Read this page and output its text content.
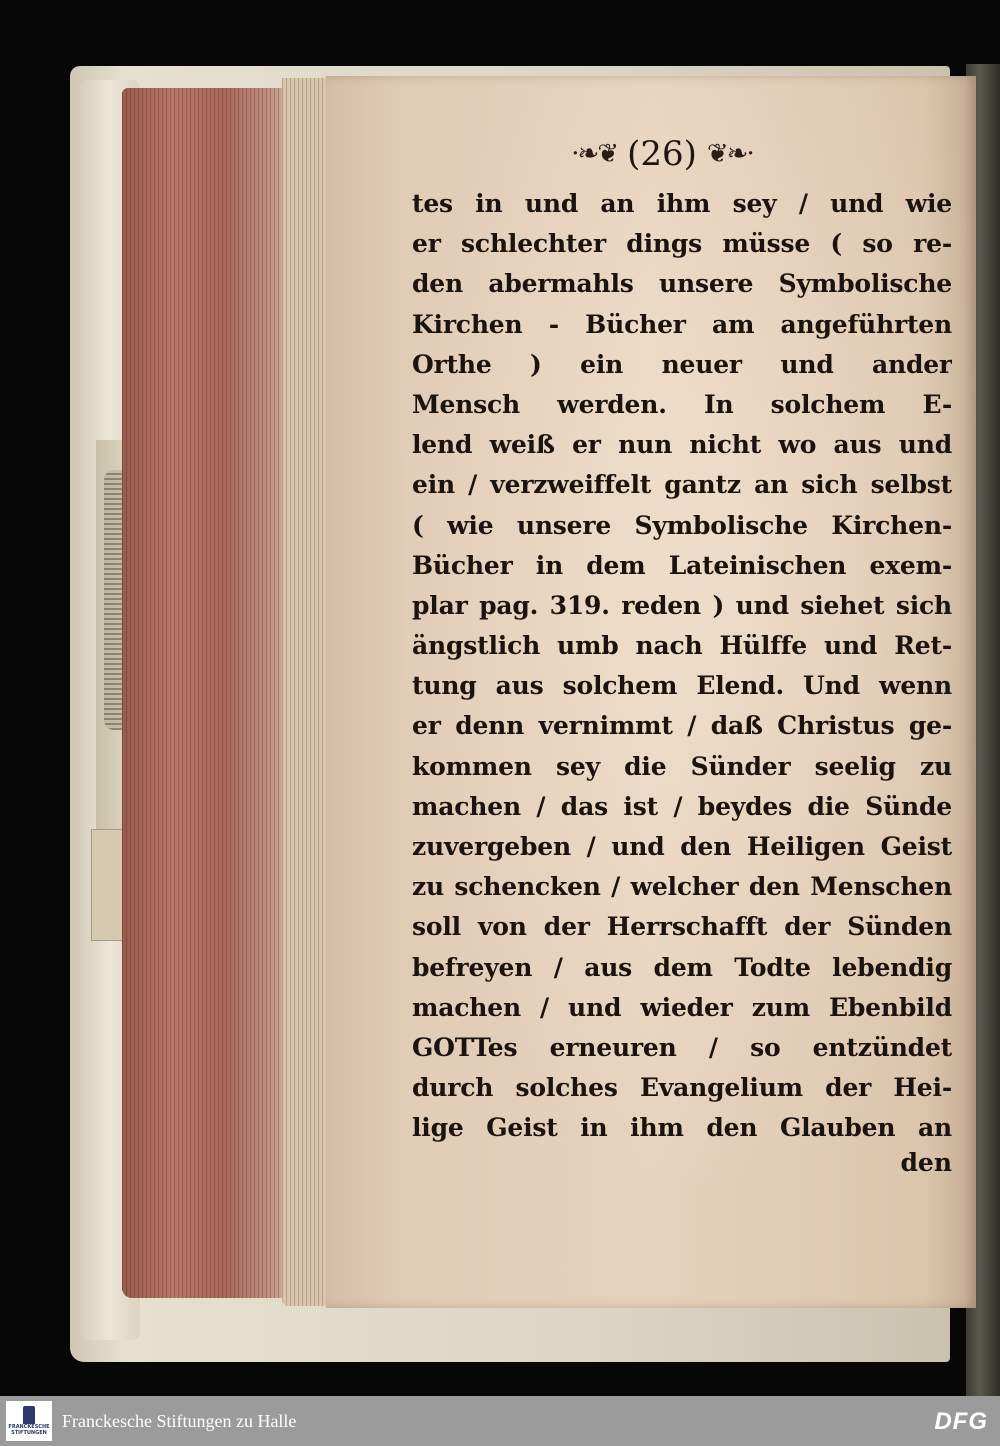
·❧❦ (26) ❦❧·
tes in und an ihm sey / und wie
er schlechter dings müsse ( so re-
den abermahls unsere Symbolische
Kirchen - Bücher am angeführten
Orthe ) ein neuer und ander
Mensch werden. In solchem E-
lend weiß er nun nicht wo aus und
ein / verzweiffelt gantz an sich selbst
( wie unsere Symbolische Kirchen-
Bücher in dem Lateinischen exem-
plar pag. 319. reden ) und siehet sich
ängstlich umb nach Hülffe und Ret-
tung aus solchem Elend. Und wenn
er denn vernimmt / daß Christus ge-
kommen sey die Sünder seelig zu
machen / das ist / beydes die Sünde
zuvergeben / und den Heiligen Geist
zu schencken / welcher den Menschen
soll von der Herrschafft der Sünden
befreyen / aus dem Todte lebendig
machen / und wieder zum Ebenbild
GOTTes erneuren / so entzündet
durch solches Evangelium der Hei-
lige Geist in ihm den Glauben an
den
FRANCKESCHE STIFTUNGEN
Franckesche Stiftungen zu Halle	DFG
